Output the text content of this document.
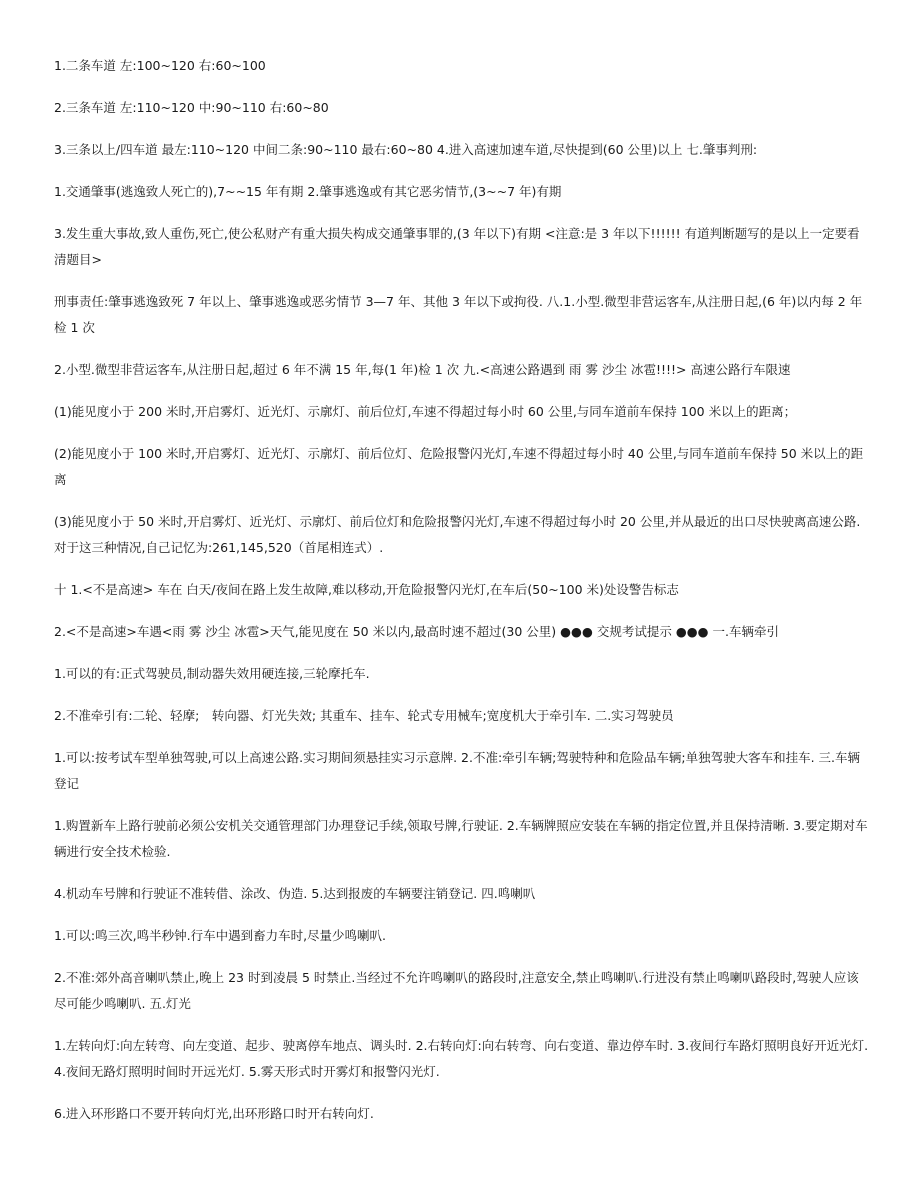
1.二条车道 左:100~120 右:60~100

2.三条车道 左:110~120 中:90~110 右:60~80

3.三条以上/四车道 最左:110~120 中间二条:90~110 最右:60~80 4.进入高速加速车道,尽快提到(60 公里)以上 七.肇事判刑:

1.交通肇事(逃逸致人死亡的),7~~15 年有期 2.肇事逃逸或有其它恶劣情节,(3~~7 年)有期

3.发生重大事故,致人重伤,死亡,使公私财产有重大损失构成交通肇事罪的,(3 年以下)有期 <注意:是 3 年以下!!!!!! 有道判断题写的是以上一定要看清题目>

刑事责任:肇事逃逸致死 7 年以上、肇事逃逸或恶劣情节 3—7 年、其他 3 年以下或拘役. 八.1.小型.微型非营运客车,从注册日起,(6 年)以内每 2 年检 1 次

2.小型.微型非营运客车,从注册日起,超过 6 年不满 15 年,每(1 年)检 1 次 九.<高速公路遇到 雨 雾 沙尘 冰雹!!!!> 高速公路行车限速

(1)能见度小于 200 米时,开启雾灯、近光灯、示廓灯、前后位灯,车速不得超过每小时 60 公里,与同车道前车保持 100 米以上的距离；

(2)能见度小于 100 米时,开启雾灯、近光灯、示廓灯、前后位灯、危险报警闪光灯,车速不得超过每小时 40 公里,与同车道前车保持 50 米以上的距离

(3)能见度小于 50 米时,开启雾灯、近光灯、示廓灯、前后位灯和危险报警闪光灯,车速不得超过每小时 20 公里,并从最近的出口尽快驶离高速公路.对于这三种情况,自己记忆为:261,145,520（首尾相连式）.

十 1.<不是高速> 车在 白天/夜间在路上发生故障,难以移动,开危险报警闪光灯,在车后(50~100 米)处设警告标志

2.<不是高速>车遇<雨 雾 沙尘 冰雹>天气,能见度在 50 米以内,最高时速不超过(30 公里) ●●● 交规考试提示 ●●● 一.车辆牵引

1.可以的有:正式驾驶员,制动器失效用硬连接,三轮摩托车.

2.不准牵引有:二轮、轻摩;　转向器、灯光失效; 其重车、挂车、轮式专用械车;宽度机大于牵引车. 二.实习驾驶员

1.可以:按考试车型单独驾驶,可以上高速公路.实习期间须悬挂实习示意牌. 2.不准:牵引车辆;驾驶特种和危险品车辆;单独驾驶大客车和挂车. 三.车辆登记

1.购置新车上路行驶前必须公安机关交通管理部门办理登记手续,领取号牌,行驶证. 2.车辆牌照应安装在车辆的指定位置,并且保持清晰. 3.要定期对车辆进行安全技术检验.

4.机动车号牌和行驶证不准转借、涂改、伪造. 5.达到报废的车辆要注销登记. 四.鸣喇叭

1.可以:鸣三次,鸣半秒钟.行车中遇到畜力车时,尽量少鸣喇叭.

2.不准:郊外高音喇叭禁止,晚上 23 时到凌晨 5 时禁止.当经过不允许鸣喇叭的路段时,注意安全,禁止鸣喇叭.行进没有禁止鸣喇叭路段时,驾驶人应该尽可能少鸣喇叭. 五.灯光

1.左转向灯:向左转弯、向左变道、起步、驶离停车地点、调头时. 2.右转向灯:向右转弯、向右变道、靠边停车时. 3.夜间行车路灯照明良好开近光灯. 4.夜间无路灯照明时间时开远光灯. 5.雾天形式时开雾灯和报警闪光灯.

6.进入环形路口不要开转向灯光,出环形路口时开右转向灯.
